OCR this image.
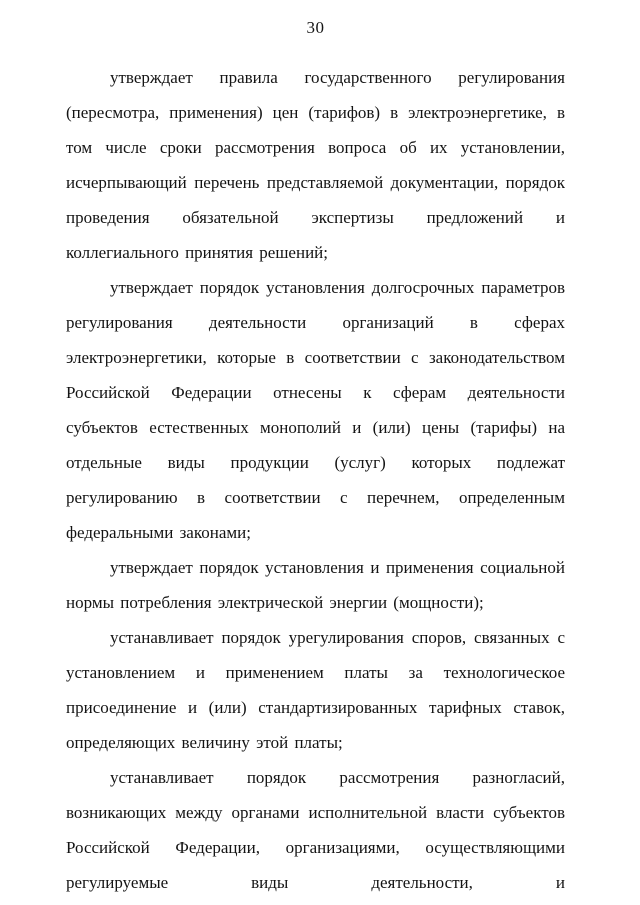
30

утверждает правила государственного регулирования (пересмотра, применения) цен (тарифов) в электроэнергетике, в том числе сроки рассмотрения вопроса об их установлении, исчерпывающий перечень представляемой документации, порядок проведения обязательной экспертизы предложений и коллегиального принятия решений;

утверждает порядок установления долгосрочных параметров регулирования деятельности организаций в сферах электроэнергетики, которые в соответствии с законодательством Российской Федерации отнесены к сферам деятельности субъектов естественных монополий и (или) цены (тарифы) на отдельные виды продукции (услуг) которых подлежат регулированию в соответствии с перечнем, определенным федеральными законами;

утверждает порядок установления и применения социальной нормы потребления электрической энергии (мощности);

устанавливает порядок урегулирования споров, связанных с установлением и применением платы за технологическое присоединение и (или) стандартизированных тарифных ставок, определяющих величину этой платы;

устанавливает порядок рассмотрения разногласий, возникающих между органами исполнительной власти субъектов Российской Федерации, организациями, осуществляющими регулируемые виды деятельности, и
